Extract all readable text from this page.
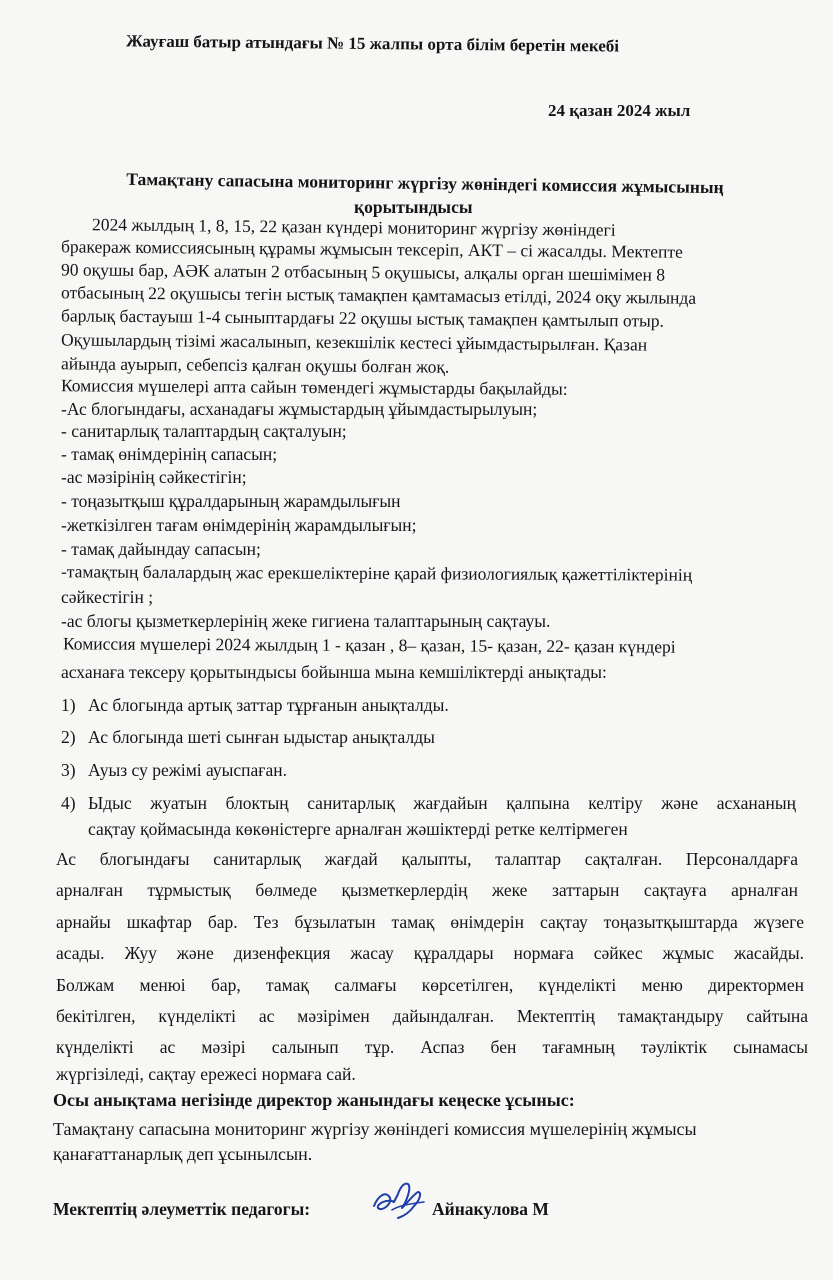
Жауғаш батыр атындағы № 15 жалпы орта білім беретін мекебі
24 қазан 2024 жыл
Тамақтану сапасына мониторинг жүргізу жөніндегі комиссия жұмысының
қорытындысы
2024 жылдың 1, 8, 15, 22 қазан күндері мониторинг жүргізу жөніндегі
бракераж комиссиясының құрамы жұмысын тексеріп, АКТ – сі жасалды. Мектепте
90 оқушы бар, АӘК алатын 2 отбасының 5 оқушысы, алқалы орган шешімімен 8
отбасының 22 оқушысы тегін ыстық тамақпен қамтамасыз етілді, 2024 оқу жылында
барлық бастауыш 1-4 сыныптардағы 22 оқушы ыстық тамақпен қамтылып отыр.
Оқушылардың тізімі жасалынып, кезекшілік кестесі ұйымдастырылған. Қазан
айында ауырып, себепсіз қалған оқушы болған жоқ.
Комиссия мүшелері апта сайын төмендегі жұмыстарды бақылайды:
-Ас блогындағы, асханадағы жұмыстардың ұйымдастырылуын;
- санитарлық талаптардың сақталуын;
- тамақ өнімдерінің сапасын;
-ас мәзірінің сәйкестігін;
- тоңазытқыш құралдарының жарамдылығын
-жеткізілген тағам өнімдерінің жарамдылығын;
- тамақ дайындау сапасын;
-тамақтың балалардың жас ерекшеліктеріне қарай физиологиялық қажеттіліктерінің
сәйкестігін ;
-ас блогы қызметкерлерінің жеке гигиена талаптарының сақтауы.
Комиссия мүшелері 2024 жылдың 1 - қазан , 8– қазан, 15- қазан, 22- қазан күндері
асханаға тексеру қорытындысы бойынша мына кемшіліктерді анықтады:
1) Ас блогында артық заттар тұрғанын анықталды.
2) Ас блогында шеті сынған ыдыстар анықталды
3) Ауыз су режімі ауыспаған.
4) Ыдыс жуатын блоктың санитарлық жағдайын қалпына келтіру және асхананың
сақтау қоймасында көкөністерге арналған жәшіктерді ретке келтірмеген
Ас блогындағы санитарлық жағдай қалыпты, талаптар сақталған. Персоналдарға
арналған тұрмыстық бөлмеде қызметкерлердің жеке заттарын сақтауға арналған
арнайы шкафтар бар. Тез бұзылатын тамақ өнімдерін сақтау тоңазытқыштарда жүзеге
асады. Жуу және дизенфекция жасау құралдары нормаға сәйкес жұмыс жасайды.
Болжам менюі бар, тамақ салмағы көрсетілген, күнделікті меню директормен
бекітілген, күнделікті ас мәзірімен дайындалған. Мектептің тамақтандыру сайтына
күнделікті ас мәзірі салынып тұр. Аспаз бен тағамның тәуліктік сынамасы
жүргізіледі, сақтау ережесі нормаға сай.
Осы анықтама негізінде директор жанындағы кеңеске ұсыныс:
Тамақтану сапасына мониторинг жүргізу жөніндегі комиссия мүшелерінің жұмысы
қанағаттанарлық деп ұсынылсын.
Мектептің әлеуметтік педагогы:	Айнакулова М
